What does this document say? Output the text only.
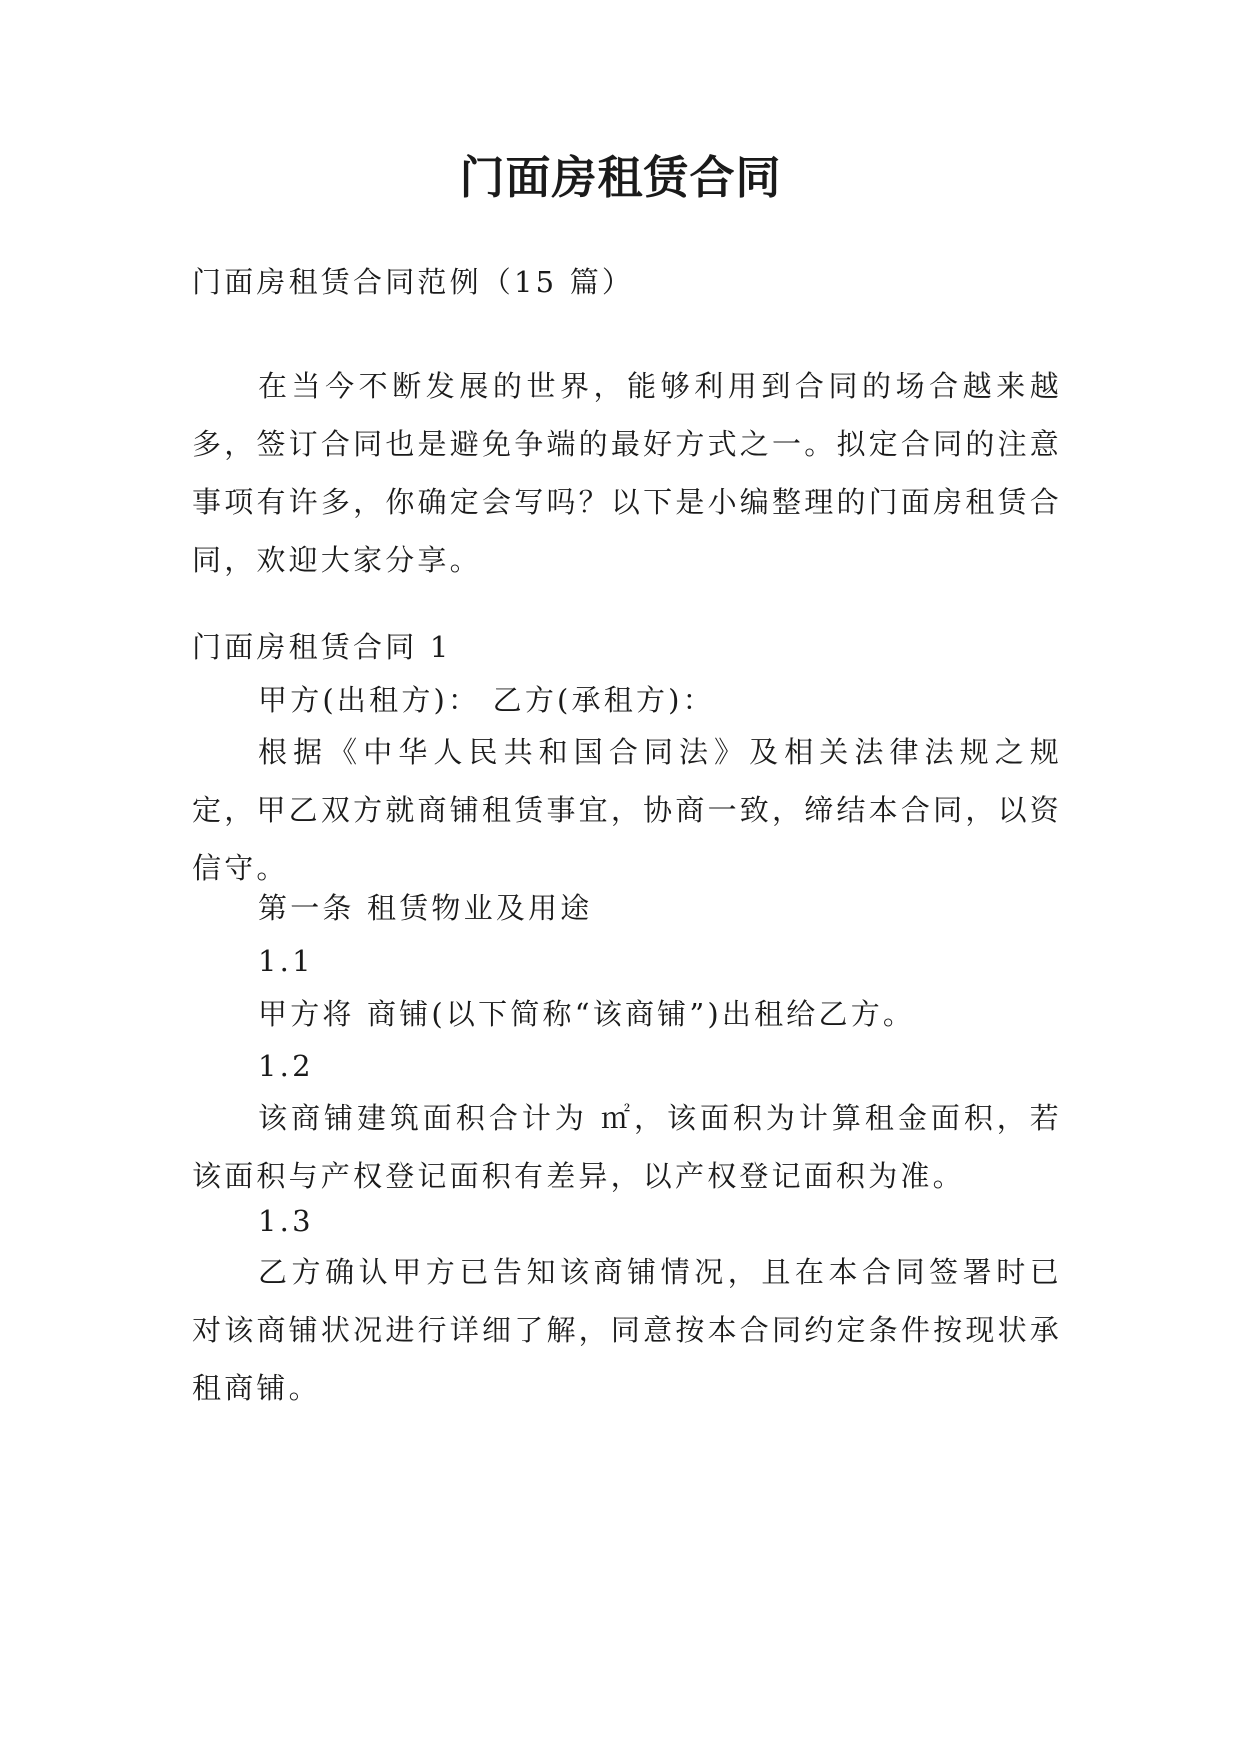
门面房租赁合同

门面房租赁合同范例（15 篇）

在当今不断发展的世界，能够利用到合同的场合越来越多，签订合同也是避免争端的最好方式之一。拟定合同的注意事项有许多，你确定会写吗？以下是小编整理的门面房租赁合同，欢迎大家分享。

门面房租赁合同 1

甲方(出租方)： 乙方(承租方)：

根据《中华人民共和国合同法》及相关法律法规之规定，甲乙双方就商铺租赁事宜，协商一致，缔结本合同，以资信守。

第一条 租赁物业及用途

1.1

甲方将 商铺(以下简称“该商铺”)出租给乙方。

1.2

该商铺建筑面积合计为 ㎡，该面积为计算租金面积，若该面积与产权登记面积有差异，以产权登记面积为准。

1.3

乙方确认甲方已告知该商铺情况，且在本合同签署时已对该商铺状况进行详细了解，同意按本合同约定条件按现状承租商铺。
